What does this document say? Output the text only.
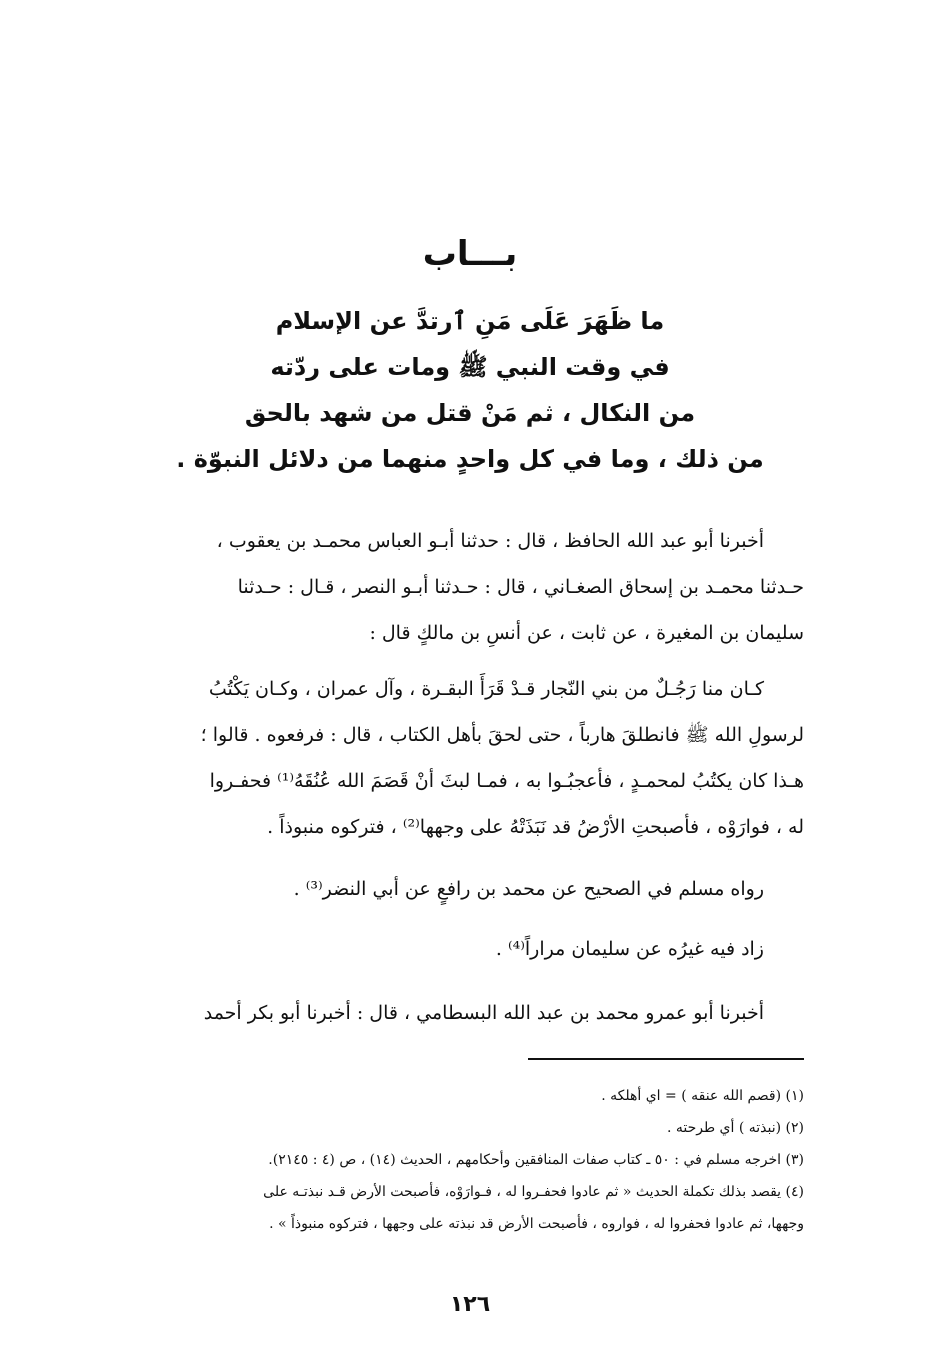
بـــاب
ما ظَهَرَ عَلَى مَنِ ٱرتدَّ عن الإسلام
في وقت النبي ﷺ ومات على ردّته
من النكال ، ثم مَنْ قتل من شهد بالحق
من ذلك ، وما في كل واحدٍ منهما من دلائل النبوّة .
أخبرنا أبو عبد الله الحافظ ، قال : حدثنا أبـو العباس محمـد بن يعقوب ،
حـدثنا محمـد بن إسحاق الصغـاني ، قال : حـدثنا أبـو النصر ، قـال : حـدثنا
سليمان بن المغيرة ، عن ثابت ، عن أنسِ بن مالكٍ قال :
كـان منا رَجُـلٌ من بني النّجار قـدْ قَرَأَ البقـرة ، وآل عمران ، وكـان يَكْتُبُ
لرسولِ الله ﷺ فانطلقَ هارباً ، حتى لحقَ بأهل الكتاب ، قال : فرفعوه . قالوا ؛
هـذا كان يكتُبُ لمحمـدٍ ، فأعجبُـوا به ، فمـا لبثَ أنْ قَصَمَ الله عُنُقَهُ⁽¹⁾ فحفـروا
له ، فوارَوْه ، فأصبحتِ الأرْضُ قد نَبَذَتْهُ على وجهها⁽²⁾ ، فتركوه منبوذاً .
رواه مسلم في الصحيح عن محمد بن رافعٍ عن أبي النضر⁽³⁾ .
زاد فيه غيرُه عن سليمان مراراً⁽⁴⁾ .
أخبرنا أبو عمرو محمد بن عبد الله البسطامي ، قال : أخبرنا أبو بكر أحمد
(١) (قصم الله عنقه ) = اي أهلكه .
(٢) (نبذته ) أي طرحته .
(٣) اخرجه مسلم في : ٥٠ ـ كتاب صفات المنافقين وأحكامهم ، الحديث (١٤) ، ص (٤ : ٢١٤٥).
(٤) يقصد بذلك تكملة الحديث « ثم عادوا فحفـروا له ، فـوارَوْه، فأصبحت الأرض قـد نبذتـه على
وجهها، ثم عادوا فحفروا له ، فواروه ، فأصبحت الأرض قد نبذته على وجهها ، فتركوه منبوذاً » .
١٢٦
